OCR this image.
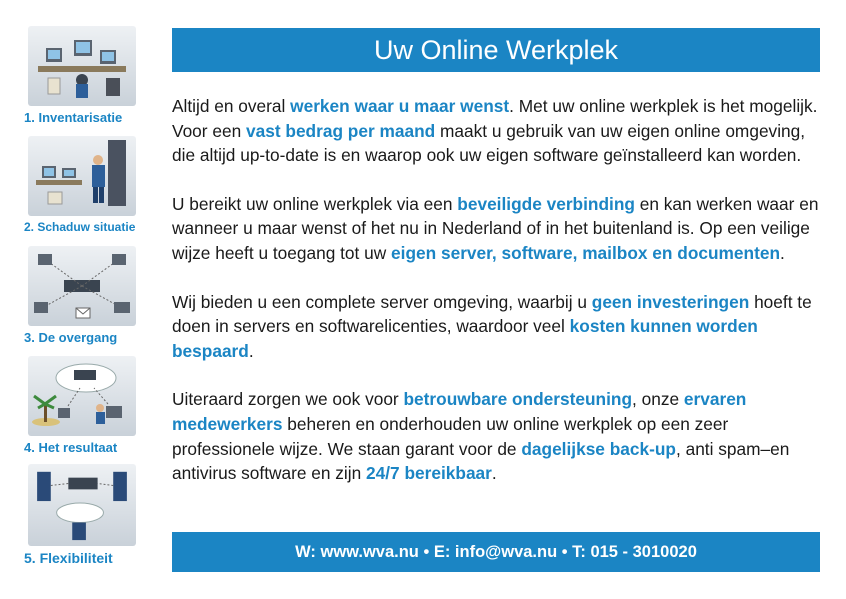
1. Inventarisatie
2. Schaduw situatie
3. De overgang
4. Het resultaat
5. Flexibiliteit
Uw Online Werkplek

Altijd en overal werken waar u maar wenst. Met uw online werkplek is het mogelijk. Voor een vast bedrag per maand maakt u gebruik van uw eigen online omgeving, die altijd up-to-date is en waarop ook uw eigen software geïnstalleerd kan worden.

U bereikt uw online werkplek via een beveiligde verbinding en kan werken waar en wanneer u maar wenst of het nu in Nederland of in het buitenland is. Op een veilige wijze heeft u toegang tot uw eigen server, software, mailbox en documenten.

Wij bieden u een complete server omgeving, waarbij u geen investeringen hoeft te doen in servers en softwarelicenties, waardoor veel kosten kunnen worden bespaard.

Uiteraard zorgen we ook voor betrouwbare ondersteuning, onze ervaren medewerkers beheren en onderhouden uw online werkplek op een zeer professionele wijze. We staan garant voor de dagelijkse back-up, anti spam–en antivirus software en zijn 24/7 bereikbaar.

W: www.wva.nu • E: info@wva.nu • T: 015 - 3010020
